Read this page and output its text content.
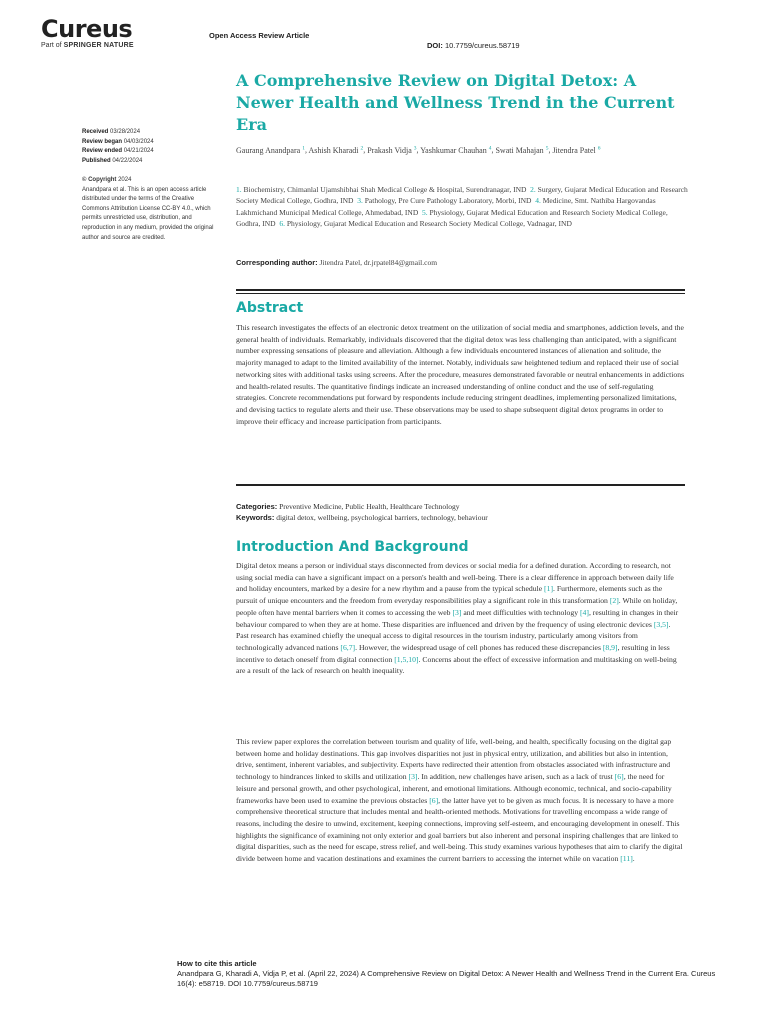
Cureus
Part of SPRINGER NATURE
Open Access Review Article
DOI: 10.7759/cureus.58719
A Comprehensive Review on Digital Detox: A Newer Health and Wellness Trend in the Current Era
Received 03/28/2024
Review began 04/03/2024
Review ended 04/21/2024
Published 04/22/2024
© Copyright 2024
Anandpara et al. This is an open access article distributed under the terms of the Creative Commons Attribution License CC-BY 4.0., which permits unrestricted use, distribution, and reproduction in any medium, provided the original author and source are credited.
Gaurang Anandpara $^1$, Ashish Kharadi $^2$, Prakash Vidja $^3$, Yashkumar Chauhan $^4$, Swati Mahajan $^5$, Jitendra Patel $^6$
1. Biochemistry, Chimanlal Ujamshibhai Shah Medical College & Hospital, Surendranagar, IND 2. Surgery, Gujarat Medical Education and Research Society Medical College, Godhra, IND 3. Pathology, Pre Cure Pathology Laboratory, Morbi, IND 4. Medicine, Smt. Nathiba Hargovandas Lakhmichand Municipal Medical College, Ahmedabad, IND 5. Physiology, Gujarat Medical Education and Research Society Medical College, Godhra, IND 6. Physiology, Gujarat Medical Education and Research Society Medical College, Vadnagar, IND
Corresponding author: Jitendra Patel, dr.jrpatel84@gmail.com
Abstract

This research investigates the effects of an electronic detox treatment on the utilization of social media and smartphones, addiction levels, and the general health of individuals. Remarkably, individuals discovered that the digital detox was less challenging than anticipated, with a significant number expressing sensations of pleasure and alleviation. Although a few individuals encountered instances of alienation and solitude, the majority managed to adapt to the limited availability of the internet. Notably, individuals saw heightened tedium and replaced their use of social networking sites with additional tasks using screens. After the procedure, measures demonstrated favorable or neutral enhancements in addictions and health-related results. The quantitative findings indicate an increased understanding of online conduct and the use of self-regulating strategies. Concrete recommendations put forward by respondents include reducing stringent deadlines, implementing personalized limitations, and devising tactics to regulate alerts and their use. These observations may be used to shape subsequent digital detox programs in order to improve their efficacy and increase participation from participants.

Categories: Preventive Medicine, Public Health, Healthcare Technology
Keywords: digital detox, wellbeing, psychological barriers, technology, behaviour
Introduction And Background

Digital detox means a person or individual stays disconnected from devices or social media for a defined duration. According to research, not using social media can have a significant impact on a person's health and well-being. There is a clear difference in approach between daily life and holiday encounters, marked by a desire for a new rhythm and a pause from the typical schedule [1]. Furthermore, elements such as the pursuit of unique encounters and the freedom from everyday responsibilities play a significant role in this transformation [2]. While on holiday, people often have mental barriers when it comes to accessing the web [3] and meet difficulties with technology [4], resulting in changes in their behaviour compared to when they are at home. These disparities are influenced and driven by the frequency of using electronic devices [3,5]. Past research has examined chiefly the unequal access to digital resources in the tourism industry, particularly among visitors from technologically advanced nations [6,7]. However, the widespread usage of cell phones has reduced these discrepancies [8,9], resulting in less incentive to detach oneself from digital connection [1,5,10]. Concerns about the effect of excessive information and multitasking on well-being are a result of the lack of research on health inequality.

This review paper explores the correlation between tourism and quality of life, well-being, and health, specifically focusing on the digital gap between home and holiday destinations. This gap involves disparities not just in physical entry, utilization, and abilities but also in intention, drive, sentiment, inherent variables, and subjectivity. Experts have redirected their attention from obstacles associated with infrastructure and technology to hindrances linked to skills and utilization [3]. In addition, new challenges have arisen, such as a lack of trust [6], the need for leisure and personal growth, and other psychological, inherent, and emotional limitations. Although economic, technical, and socio-capability frameworks have been used to examine the previous obstacles [6], the latter have yet to be given as much focus. It is necessary to have a more comprehensive theoretical structure that includes mental and health-oriented methods. Motivations for travelling encompass a wide range of reasons, including the desire to unwind, excitement, keeping connections, improving self-esteem, and encouraging development in oneself. This highlights the significance of examining not only exterior and goal barriers but also inherent and personal inspiring challenges that are linked to digital disparities, such as the need for escape, stress relief, and well-being. This study examines various hypotheses that aim to clarify the digital divide between home and vacation destinations and examines the current barriers to accessing the internet while on vacation [11].

How to cite this article
Anandpara G, Kharadi A, Vidja P, et al. (April 22, 2024) A Comprehensive Review on Digital Detox: A Newer Health and Wellness Trend in the Current Era. Cureus 16(4): e58719. DOI 10.7759/cureus.58719
